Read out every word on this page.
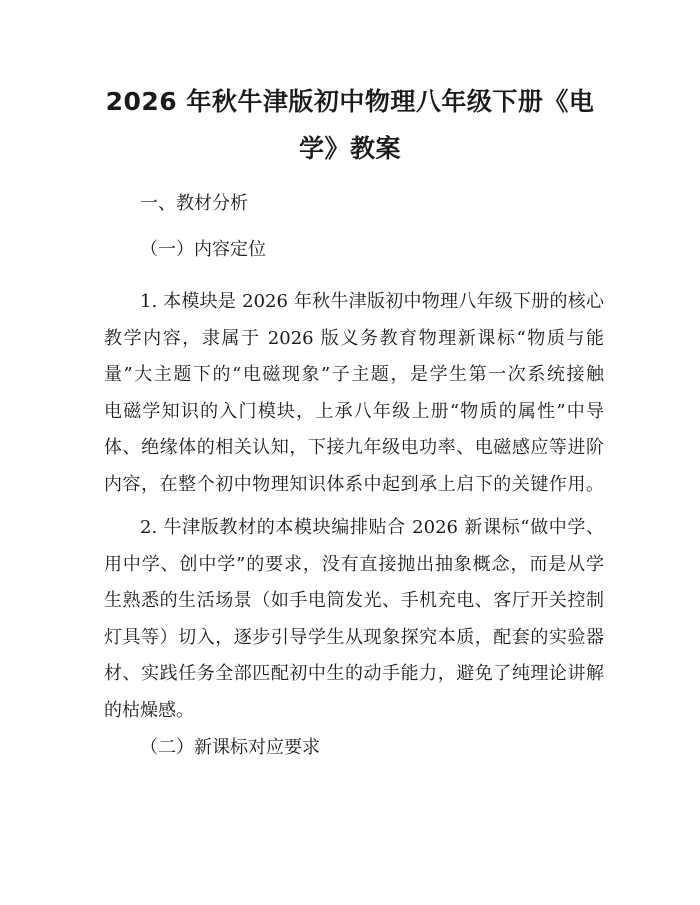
2026 年秋牛津版初中物理八年级下册《电
学》教案

一、教材分析

（一）内容定位

1. 本模块是 2026 年秋牛津版初中物理八年级下册的核心
教学内容，隶属于 2026 版义务教育物理新课标“物质与能
量”大主题下的“电磁现象”子主题，是学生第一次系统接触
电磁学知识的入门模块，上承八年级上册“物质的属性”中导
体、绝缘体的相关认知，下接九年级电功率、电磁感应等进阶
内容，在整个初中物理知识体系中起到承上启下的关键作用。
2. 牛津版教材的本模块编排贴合 2026 新课标“做中学、
用中学、创中学”的要求，没有直接抛出抽象概念，而是从学
生熟悉的生活场景（如手电筒发光、手机充电、客厅开关控制
灯具等）切入，逐步引导学生从现象探究本质，配套的实验器
材、实践任务全部匹配初中生的动手能力，避免了纯理论讲解
的枯燥感。

（二）新课标对应要求
